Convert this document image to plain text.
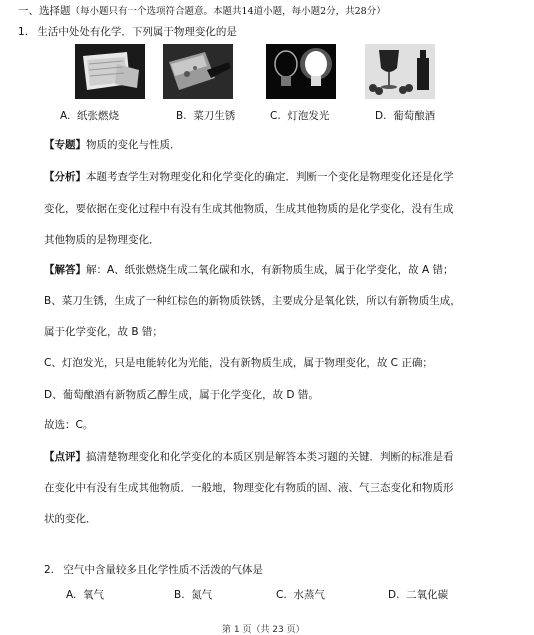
一、选择题（每小题只有一个选项符合题意。本题共14道小题，每小题2分，共28分）
1. 生活中处处有化学．下列属于物理变化的是
A. 纸张燃烧	B. 菜刀生锈	C. 灯泡发光	D. 葡萄酿酒
【专题】物质的变化与性质．
【分析】本题考查学生对物理变化和化学变化的确定．判断一个变化是物理变化还是化学
变化，要依据在变化过程中有没有生成其他物质，生成其他物质的是化学变化，没有生成
其他物质的是物理变化．
【解答】解：A、纸张燃烧生成二氧化碳和水，有新物质生成，属于化学变化，故 A 错；
B、菜刀生锈，生成了一种红棕色的新物质铁锈，主要成分是氧化铁，所以有新物质生成，
属于化学变化，故 B 错；
C、灯泡发光，只是电能转化为光能，没有新物质生成，属于物理变化，故 C 正确；
D、葡萄酿酒有新物质乙醇生成，属于化学变化，故 D 错。
故选：C。
【点评】搞清楚物理变化和化学变化的本质区别是解答本类习题的关键．判断的标准是看
在变化中有没有生成其他物质．一般地，物理变化有物质的固、液、气三态变化和物质形
状的变化．
2. 空气中含量较多且化学性质不活泼的气体是
A. 氧气	B. 氮气	C. 水蒸气	D. 二氧化碳
第 1 页（共 23 页）
